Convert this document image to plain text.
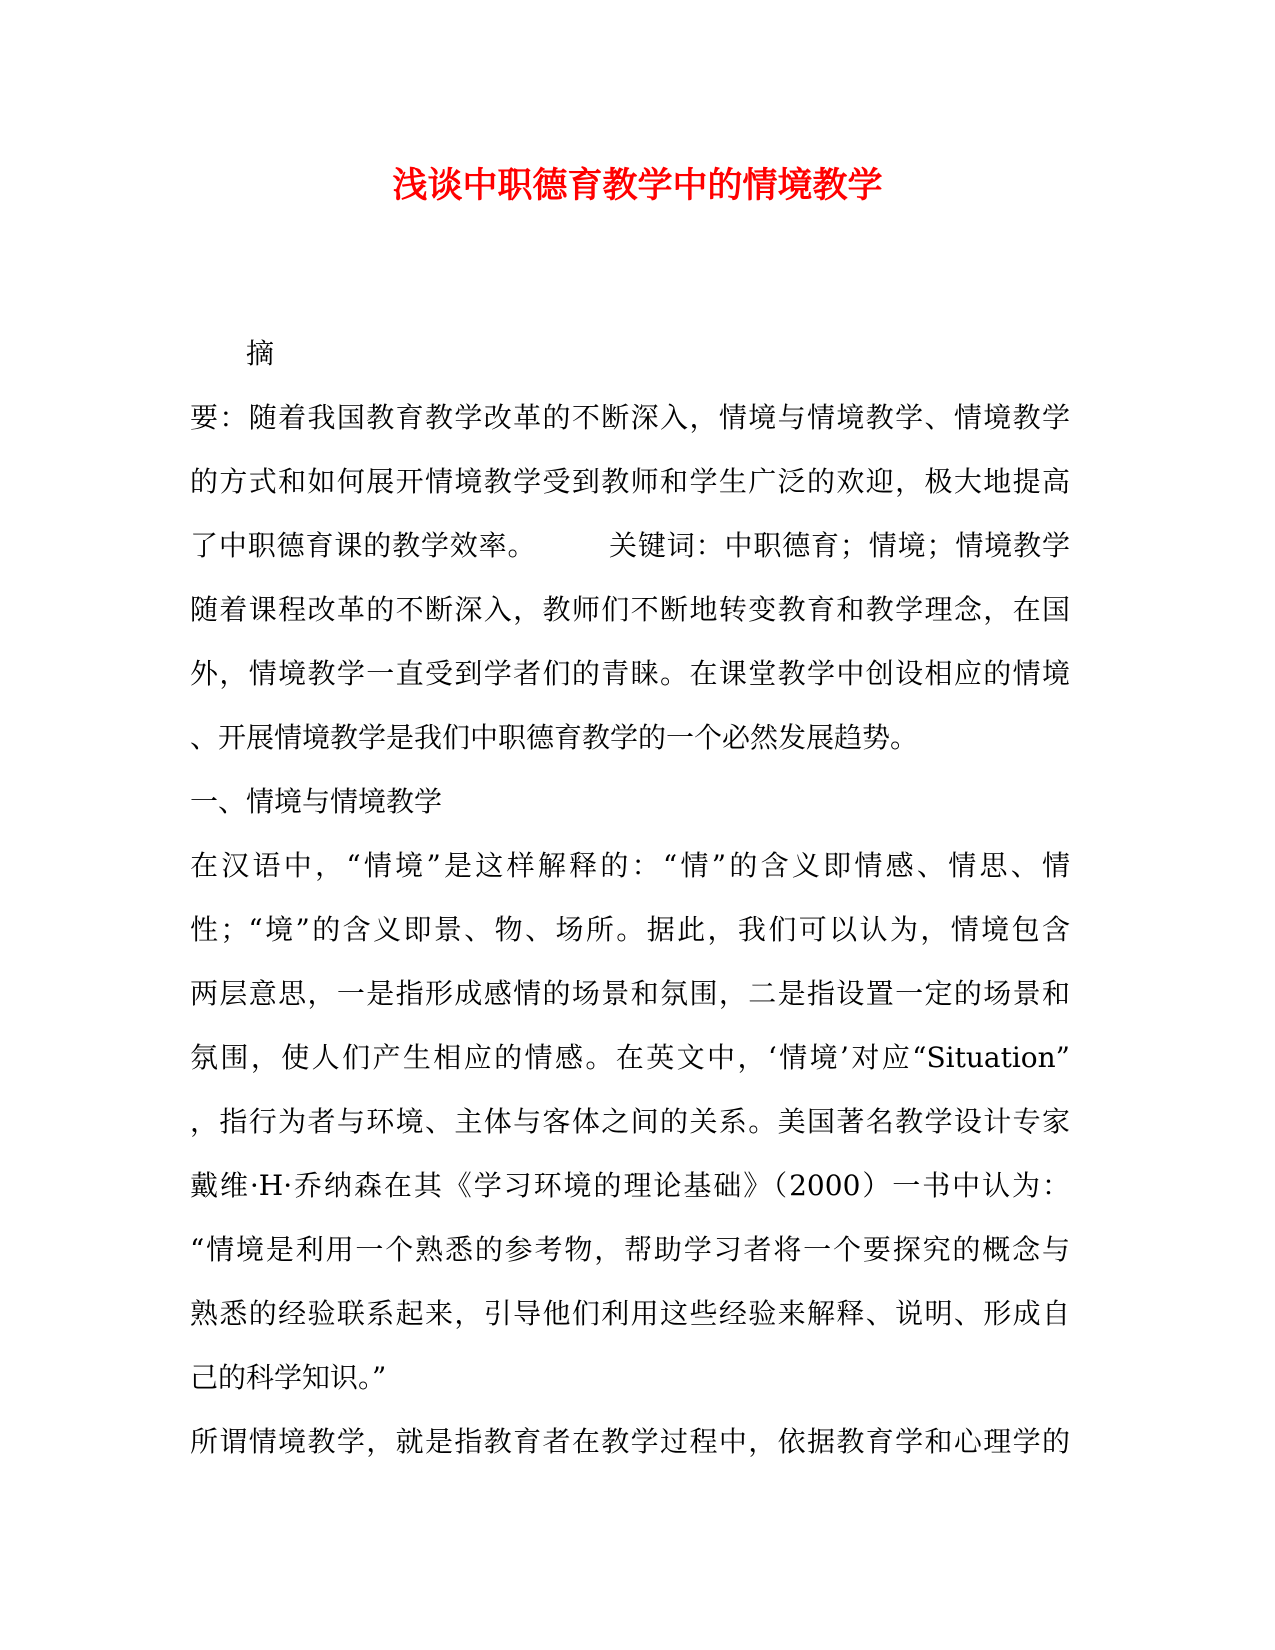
浅谈中职德育教学中的情境教学
摘
要：随着我国教育教学改革的不断深入，情境与情境教学、情境教学
的方式和如何展开情境教学受到教师和学生广泛的欢迎，极大地提高
了中职德育课的教学效率。　　　关键词：中职德育；情境；情境教学
随着课程改革的不断深入，教师们不断地转变教育和教学理念，在国
外，情境教学一直受到学者们的青睐。在课堂教学中创设相应的情境
、开展情境教学是我们中职德育教学的一个必然发展趋势。
一、情境与情境教学
在汉语中，“情境”是这样解释的：“情”的含义即情感、情思、情
性；“境”的含义即景、物、场所。据此，我们可以认为，情境包含
两层意思，一是指形成感情的场景和氛围，二是指设置一定的场景和
氛围，使人们产生相应的情感。在英文中，‘情境’对应“Situation”
，指行为者与环境、主体与客体之间的关系。美国著名教学设计专家
戴维·H·乔纳森在其《学习环境的理论基础》（2000）一书中认为：
“情境是利用一个熟悉的参考物，帮助学习者将一个要探究的概念与
熟悉的经验联系起来，引导他们利用这些经验来解释、说明、形成自
己的科学知识。”
所谓情境教学，就是指教育者在教学过程中，依据教育学和心理学的
